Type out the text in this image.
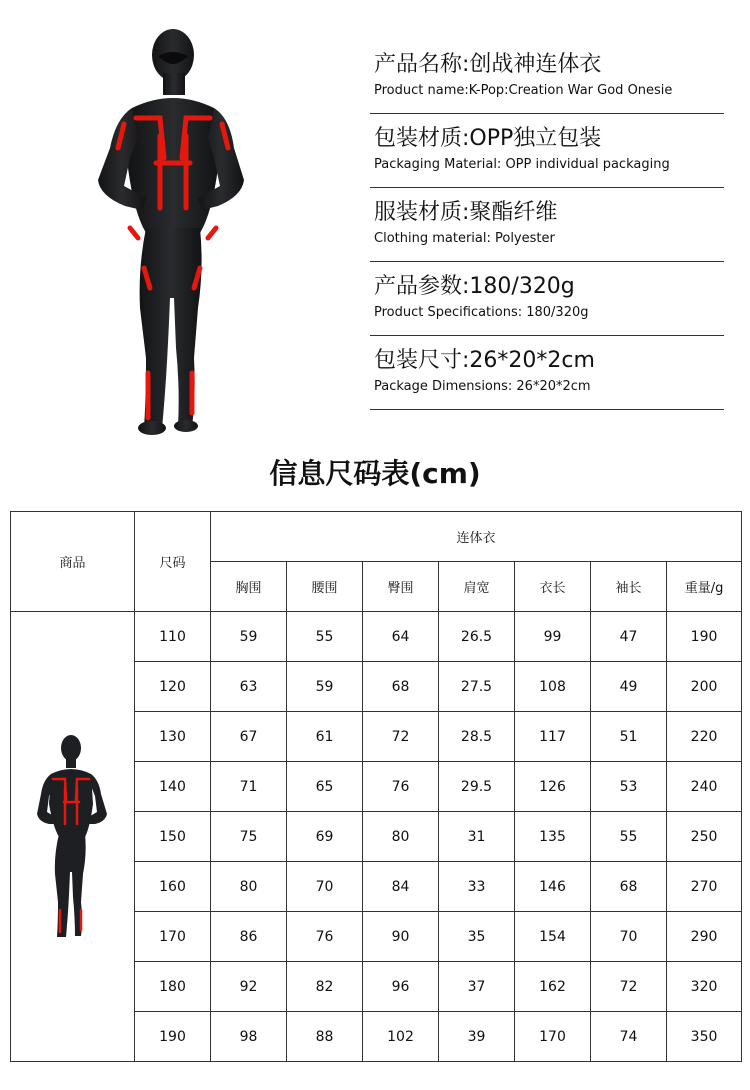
产品名称:创战神连体衣
Product name:K-Pop:Creation War God Onesie
包装材质:OPP独立包装
Packaging Material: OPP individual packaging
服装材质:聚酯纤维
Clothing material: Polyester
产品参数:180/320g
Product Specifications: 180/320g
包装尺寸:26*20*2cm
Package Dimensions: 26*20*2cm
信息尺码表(cm)
商品	尺码	连体衣						
		胸围	腰围	臀围	肩宽	衣长	袖长	重量/g

	110	59	55	64	26.5	99	47	190
	120	63	59	68	27.5	108	49	200
	130	67	61	72	28.5	117	51	220
	140	71	65	76	29.5	126	53	240
	150	75	69	80	31	135	55	250
	160	80	70	84	33	146	68	270
	170	86	76	90	35	154	70	290
	180	92	82	96	37	162	72	320
	190	98	88	102	39	170	74	350
